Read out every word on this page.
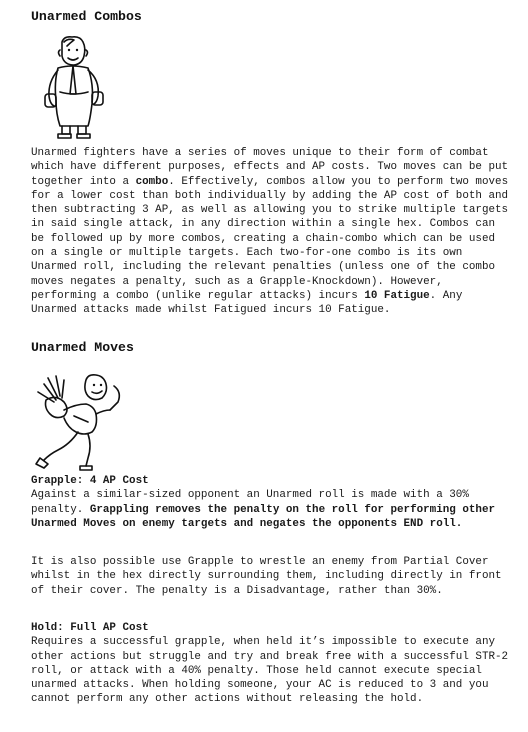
Unarmed Combos

Unarmed fighters have a series of moves unique to their form of combat which have different purposes, effects and AP costs. Two moves can be put together into a combo. Effectively, combos allow you to perform two moves for a lower cost than both individually by adding the AP cost of both and then subtracting 3 AP, as well as allowing you to strike multiple targets in said single attack, in any direction within a single hex. Combos can be followed up by more combos, creating a chain-combo which can be used on a single or multiple targets. Each two-for-one combo is its own Unarmed roll, including the relevant penalties (unless one of the combo moves negates a penalty, such as a Grapple-Knockdown). However, performing a combo (unlike regular attacks) incurs 10 Fatigue. Any Unarmed attacks made whilst Fatigued incurs 10 Fatigue.

Unarmed Moves

Grapple: 4 AP Cost
Against a similar-sized opponent an Unarmed roll is made with a 30% penalty. Grappling removes the penalty on the roll for performing other Unarmed Moves on enemy targets and negates the opponents END roll.

It is also possible use Grapple to wrestle an enemy from Partial Cover whilst in the hex directly surrounding them, including directly in front of their cover. The penalty is a Disadvantage, rather than 30%.

Hold: Full AP Cost
Requires a successful grapple, when held it’s impossible to execute any other actions but struggle and try and break free with a successful STR-2 roll, or attack with a 40% penalty. Those held cannot execute special unarmed attacks. When holding someone, your AC is reduced to 3 and you cannot perform any other actions without releasing the hold.
